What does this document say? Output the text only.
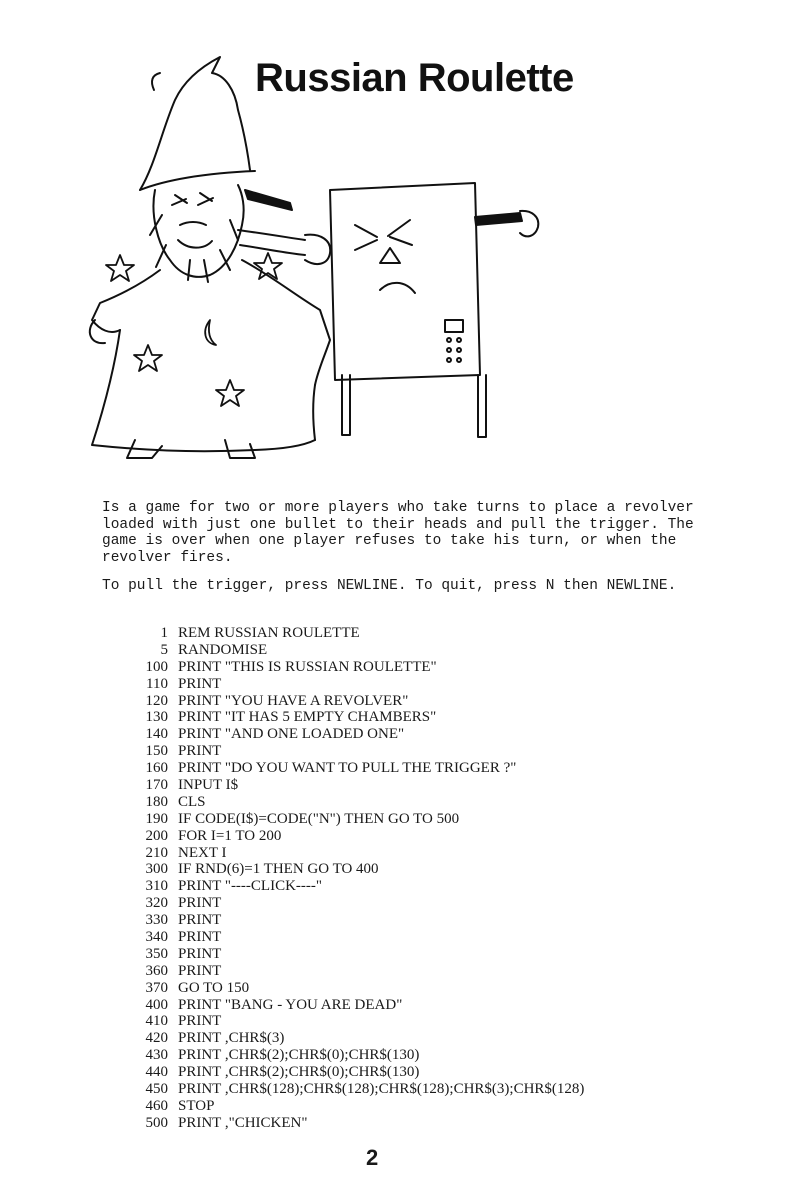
Russian Roulette

Is a game for two or more players who take turns to place a revolver loaded with just one bullet to their heads and pull the trigger. The game is over when one player refuses to take his turn, or when the revolver fires.

To pull the trigger, press NEWLINE. To quit, press N then NEWLINE.

1 REM RUSSIAN ROULETTE
5 RANDOMISE
100 PRINT "THIS IS RUSSIAN ROULETTE"
110 PRINT
120 PRINT "YOU HAVE A REVOLVER"
130 PRINT "IT HAS 5 EMPTY CHAMBERS"
140 PRINT "AND ONE LOADED ONE"
150 PRINT
160 PRINT "DO YOU WANT TO PULL THE TRIGGER ?"
170 INPUT I$
180 CLS
190 IF CODE(I$)=CODE("N") THEN GO TO 500
200 FOR I=1 TO 200
210 NEXT I
300 IF RND(6)=1 THEN GO TO 400
310 PRINT "----CLICK----"
320 PRINT
330 PRINT
340 PRINT
350 PRINT
360 PRINT
370 GO TO 150
400 PRINT "BANG - YOU ARE DEAD"
410 PRINT
420 PRINT ,CHR$(3)
430 PRINT ,CHR$(2);CHR$(0);CHR$(130)
440 PRINT ,CHR$(2);CHR$(0);CHR$(130)
450 PRINT ,CHR$(128);CHR$(128);CHR$(128);CHR$(3);CHR$(128)
460 STOP
500 PRINT ,"CHICKEN"
2
